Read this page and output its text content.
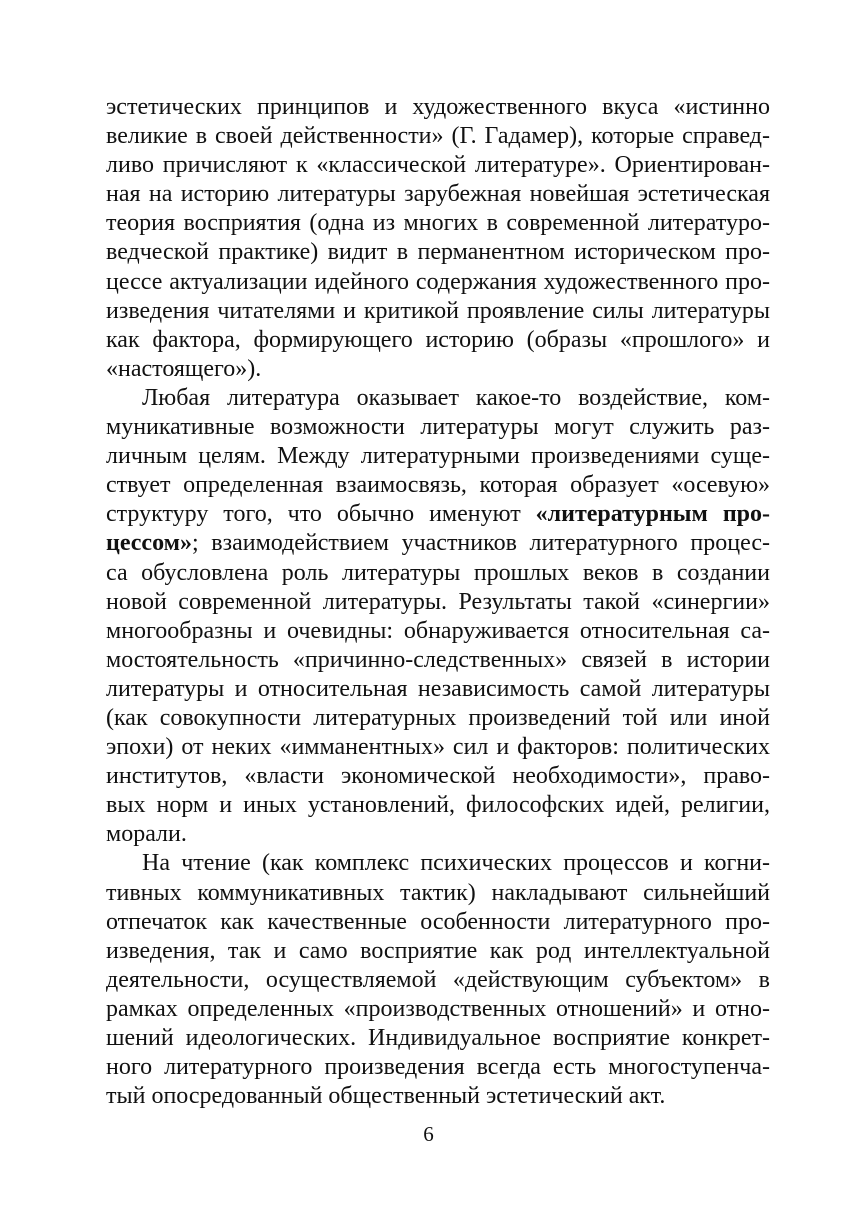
эстетических принципов и художественного вкуса «истинно
великие в своей действенности» (Г. Гадамер), которые справед-
ливо причисляют к «классической литературе». Ориентирован-
ная на историю литературы зарубежная новейшая эстетическая
теория восприятия (одна из многих в современной литературо-
ведческой практике) видит в перманентном историческом про-
цессе актуализации идейного содержания художественного про-
изведения читателями и критикой проявление силы литературы
как фактора, формирующего историю (образы «прошлого» и
«настоящего»).

Любая литература оказывает какое-то воздействие, ком-
муникативные возможности литературы могут служить раз-
личным целям. Между литературными произведениями суще-
ствует определенная взаимосвязь, которая образует «осевую»
структуру того, что обычно именуют «литературным про-
цессом»; взаимодействием участников литературного процес-
са обусловлена роль литературы прошлых веков в создании
новой современной литературы. Результаты такой «синергии»
многообразны и очевидны: обнаруживается относительная са-
мостоятельность «причинно-следственных» связей в истории
литературы и относительная независимость самой литературы
(как совокупности литературных произведений той или иной
эпохи) от неких «имманентных» сил и факторов: политических
институтов, «власти экономической необходимости», право-
вых норм и иных установлений, философских идей, религии,
морали.

На чтение (как комплекс психических процессов и когни-
тивных коммуникативных тактик) накладывают сильнейший
отпечаток как качественные особенности литературного про-
изведения, так и само восприятие как род интеллектуальной
деятельности, осуществляемой «действующим субъектом» в
рамках определенных «производственных отношений» и отно-
шений идеологических. Индивидуальное восприятие конкрет-
ного литературного произведения всегда есть многоступенча-
тый опосредованный общественный эстетический акт.

6
